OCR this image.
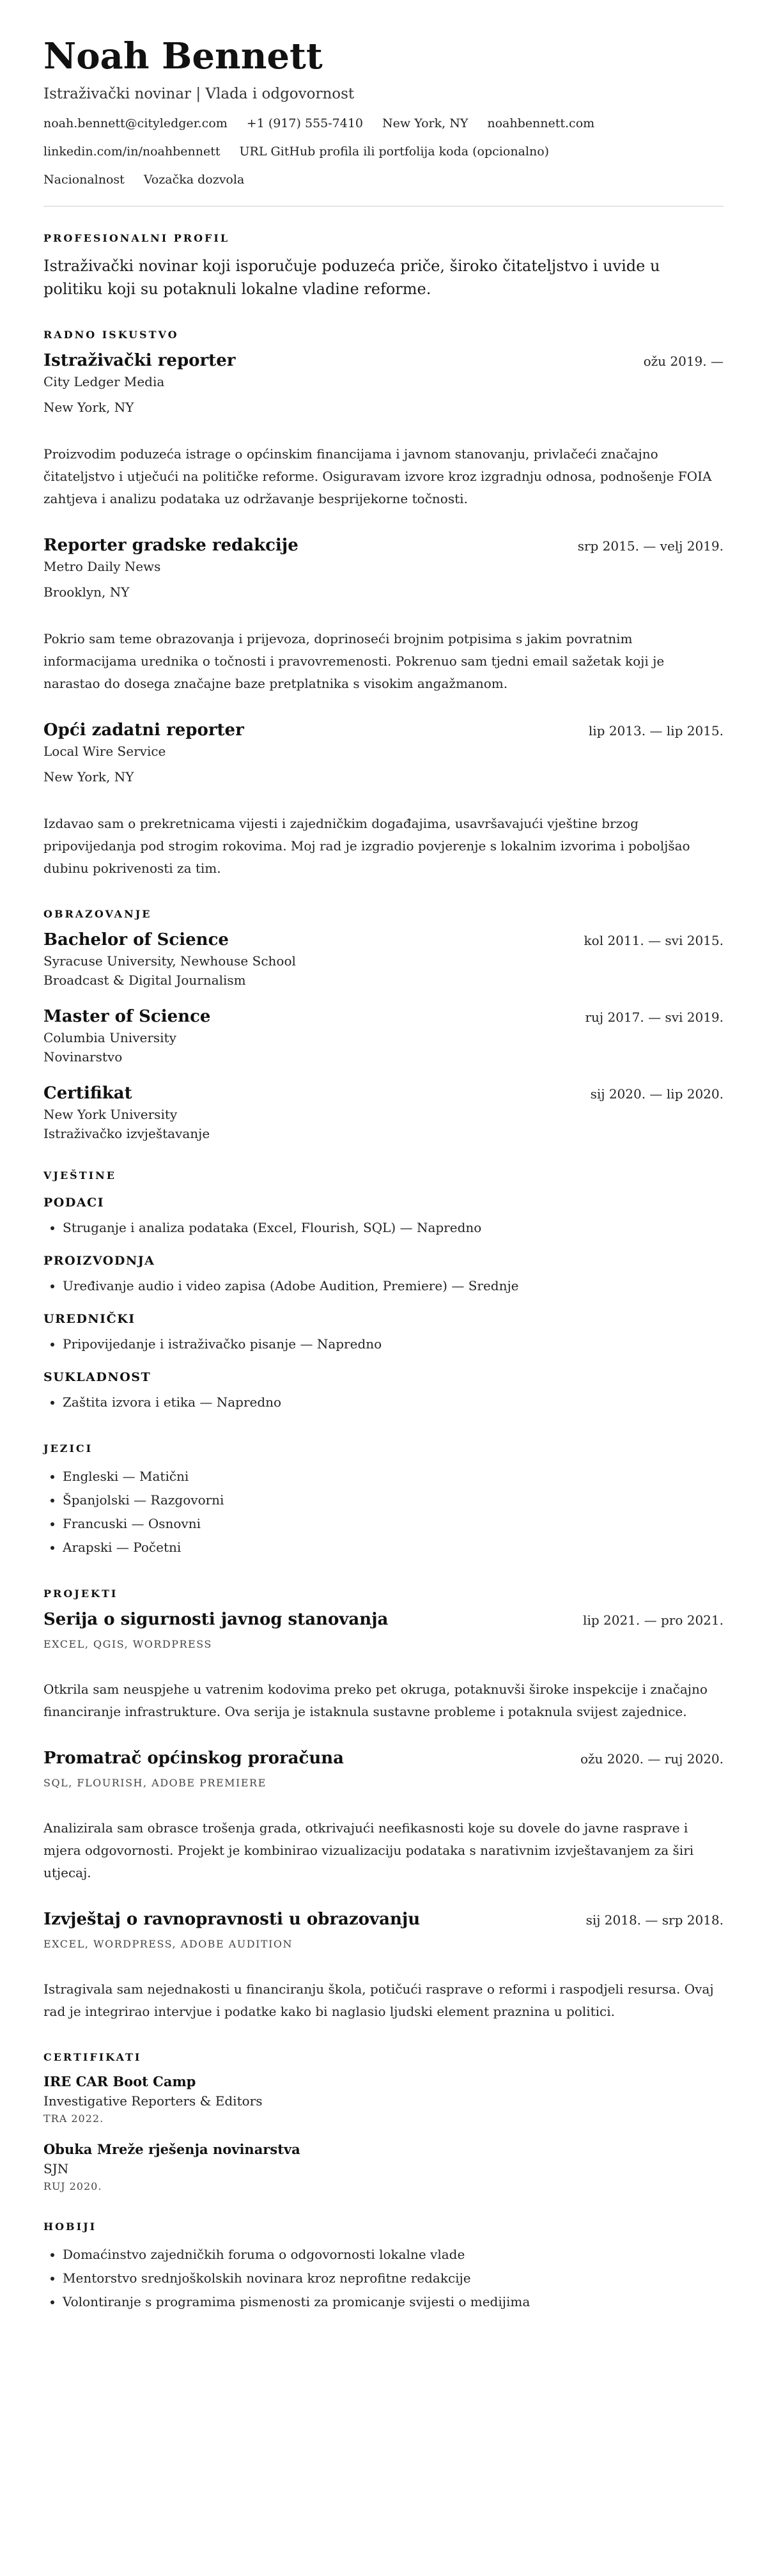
Noah Bennett
Istraživački novinar | Vlada i odgovornost
noah.bennett@cityledger.com +1 (917) 555-7410 New York, NY noahbennett.com
linkedin.com/in/noahbennett URL GitHub profila ili portfolija koda (opcionalno)
Nacionalnost Vozačka dozvola
PROFESIONALNI PROFIL
Istraživački novinar koji isporučuje poduzeća priče, široko čitateljstvo i uvide u politiku koji su potaknuli lokalne vladine reforme.
RADNO ISKUSTVO
Istraživački reporter	ožu 2019. —
City Ledger Media
New York, NY
Proizvodim poduzeća istrage o općinskim financijama i javnom stanovanju, privlačeći značajno čitateljstvo i utječući na političke reforme. Osiguravam izvore kroz izgradnju odnosa, podnošenje FOIA zahtjeva i analizu podataka uz održavanje besprijekorne točnosti.
Reporter gradske redakcije	srp 2015. — velj 2019.
Metro Daily News
Brooklyn, NY
Pokrio sam teme obrazovanja i prijevoza, doprinoseći brojnim potpisima s jakim povratnim informacijama urednika o točnosti i pravovremenosti. Pokrenuo sam tjedni email sažetak koji je narastao do dosega značajne baze pretplatnika s visokim angažmanom.
Opći zadatni reporter	lip 2013. — lip 2015.
Local Wire Service
New York, NY
Izdavao sam o prekretnicama vijesti i zajedničkim događajima, usavršavajući vještine brzog pripovijedanja pod strogim rokovima. Moj rad je izgradio povjerenje s lokalnim izvorima i poboljšao dubinu pokrivenosti za tim.
OBRAZOVANJE
Bachelor of Science	kol 2011. — svi 2015.
Syracuse University, Newhouse School
Broadcast & Digital Journalism
Master of Science	ruj 2017. — svi 2019.
Columbia University
Novinarstvo
Certifikat	sij 2020. — lip 2020.
New York University
Istraživačko izvještavanje
VJEŠTINE
PODACI
• Struganje i analiza podataka (Excel, Flourish, SQL) — Napredno
PROIZVODNJA
• Uređivanje audio i video zapisa (Adobe Audition, Premiere) — Srednje
UREDNIČKI
• Pripovijedanje i istraživačko pisanje — Napredno
SUKLADNOST
• Zaštita izvora i etika — Napredno
JEZICI
• Engleski — Matični
• Španjolski — Razgovorni
• Francuski — Osnovni
• Arapski — Početni
PROJEKTI
Serija o sigurnosti javnog stanovanja	lip 2021. — pro 2021.
EXCEL, QGIS, WORDPRESS
Otkrila sam neuspjehe u vatrenim kodovima preko pet okruga, potaknuvši široke inspekcije i značajno financiranje infrastrukture. Ova serija je istaknula sustavne probleme i potaknula svijest zajednice.
Promatrač općinskog proračuna	ožu 2020. — ruj 2020.
SQL, FLOURISH, ADOBE PREMIERE
Analizirala sam obrasce trošenja grada, otkrivajući neefikasnosti koje su dovele do javne rasprave i mjera odgovornosti. Projekt je kombinirao vizualizaciju podataka s narativnim izvještavanjem za širi utjecaj.
Izvještaj o ravnopravnosti u obrazovanju	sij 2018. — srp 2018.
EXCEL, WORDPRESS, ADOBE AUDITION
Istragivala sam nejednakosti u financiranju škola, potičući rasprave o reformi i raspodjeli resursa. Ovaj rad je integrirao intervjue i podatke kako bi naglasio ljudski element praznina u politici.
CERTIFIKATI
IRE CAR Boot Camp
Investigative Reporters & Editors
TRA 2022.
Obuka Mreže rješenja novinarstva
SJN
RUJ 2020.
HOBIJI
• Domaćinstvo zajedničkih foruma o odgovornosti lokalne vlade
• Mentorstvo srednjoškolskih novinara kroz neprofitne redakcije
• Volontiranje s programima pismenosti za promicanje svijesti o medijima
